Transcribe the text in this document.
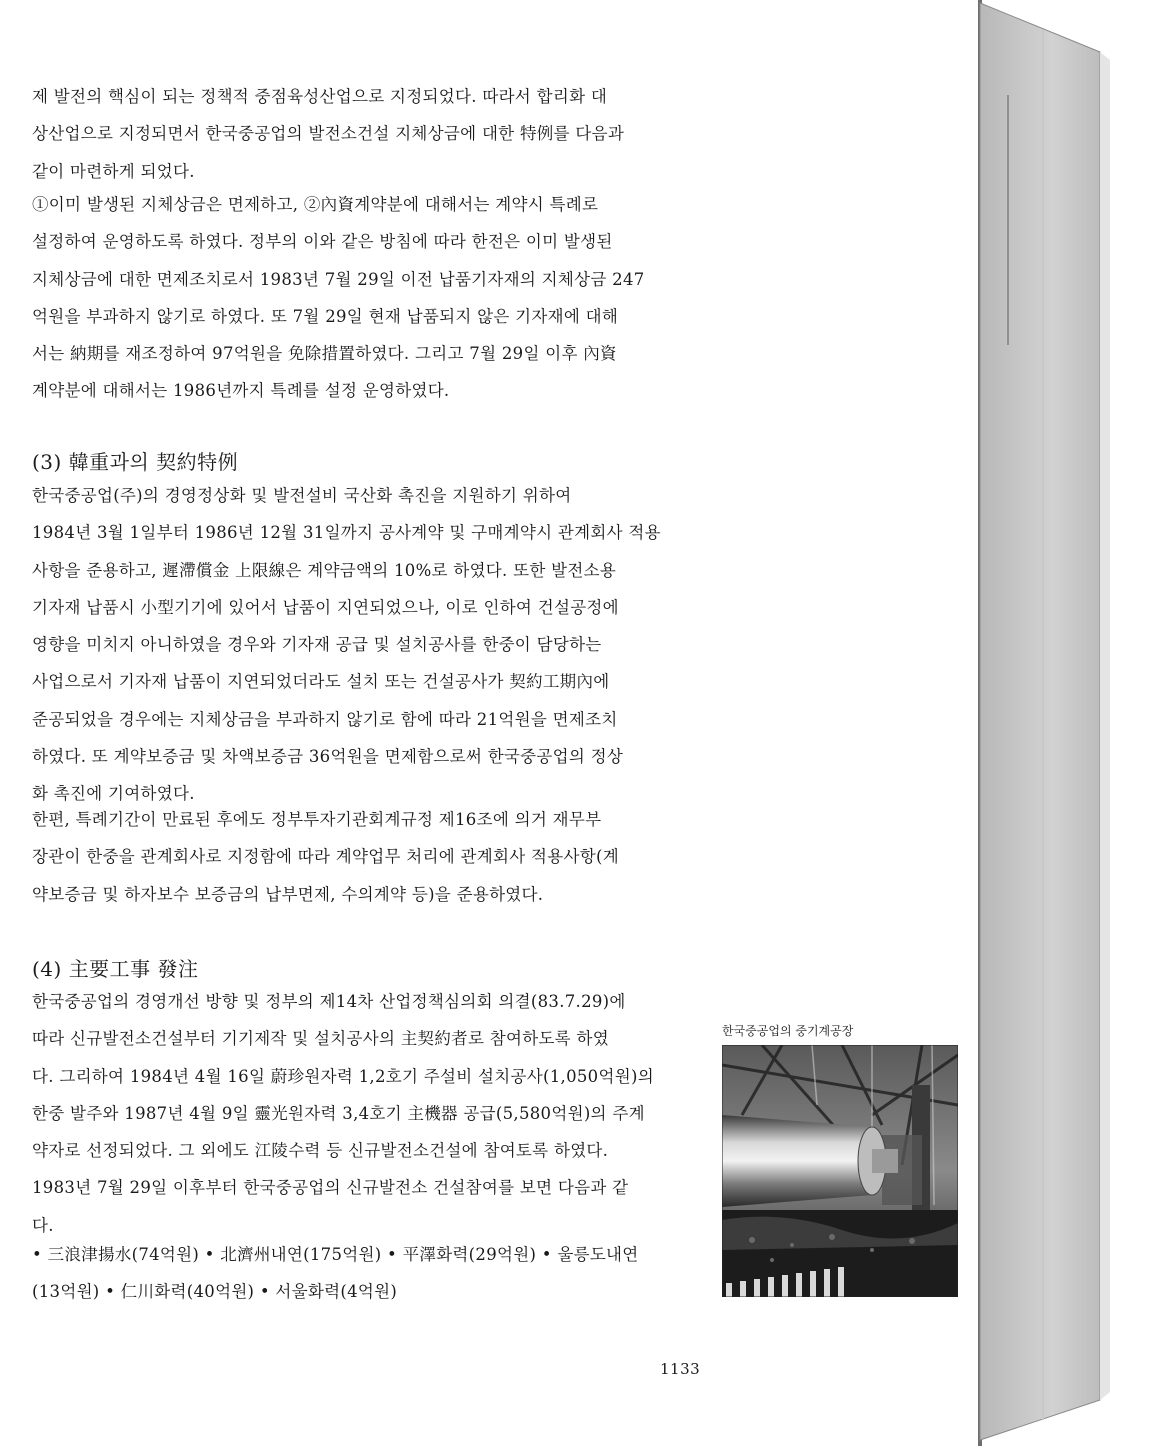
제 발전의 핵심이 되는 정책적 중점육성산업으로 지정되었다. 따라서 합리화 대
상산업으로 지정되면서 한국중공업의 발전소건설 지체상금에 대한 特例를 다음과
같이 마련하게 되었다.

①이미 발생된 지체상금은 면제하고, ②內資계약분에 대해서는 계약시 특례로
설정하여 운영하도록 하였다. 정부의 이와 같은 방침에 따라 한전은 이미 발생된
지체상금에 대한 면제조치로서 1983년 7월 29일 이전 납품기자재의 지체상금 247
억원을 부과하지 않기로 하였다. 또 7월 29일 현재 납품되지 않은 기자재에 대해
서는 納期를 재조정하여 97억원을 免除措置하였다. 그리고 7월 29일 이후 內資
계약분에 대해서는 1986년까지 특례를 설정 운영하였다.

(3) 韓重과의 契約特例

한국중공업(주)의 경영정상화 및 발전설비 국산화 촉진을 지원하기 위하여
1984년 3월 1일부터 1986년 12월 31일까지 공사계약 및 구매계약시 관계회사 적용
사항을 준용하고, 遲滯償金 上限線은 계약금액의 10%로 하였다. 또한 발전소용
기자재 납품시 小型기기에 있어서 납품이 지연되었으나, 이로 인하여 건설공정에
영향을 미치지 아니하였을 경우와 기자재 공급 및 설치공사를 한중이 담당하는
사업으로서 기자재 납품이 지연되었더라도 설치 또는 건설공사가 契約工期內에
준공되었을 경우에는 지체상금을 부과하지 않기로 함에 따라 21억원을 면제조치
하였다. 또 계약보증금 및 차액보증금 36억원을 면제함으로써 한국중공업의 정상
화 촉진에 기여하였다.

한편, 특례기간이 만료된 후에도 정부투자기관회계규정 제16조에 의거 재무부
장관이 한중을 관계회사로 지정함에 따라 계약업무 처리에 관계회사 적용사항(계
약보증금 및 하자보수 보증금의 납부면제, 수의계약 등)을 준용하였다.

(4) 主要工事 發注

한국중공업의 경영개선 방향 및 정부의 제14차 산업정책심의회 의결(83.7.29)에
따라 신규발전소건설부터 기기제작 및 설치공사의 主契約者로 참여하도록 하였
다. 그리하여 1984년 4월 16일 蔚珍원자력 1,2호기 주설비 설치공사(1,050억원)의
한중 발주와 1987년 4월 9일 靈光원자력 3,4호기 主機器 공급(5,580억원)의 주계
약자로 선정되었다. 그 외에도 江陵수력 등 신규발전소건설에 참여토록 하였다.
1983년 7월 29일 이후부터 한국중공업의 신규발전소 건설참여를 보면 다음과 같
다.

• 三浪津揚水(74억원) • 北濟州내연(175억원) • 平澤화력(29억원) • 울릉도내연
(13억원) • 仁川화력(40억원) • 서울화력(4억원)

한국중공업의 중기계공장
1133
